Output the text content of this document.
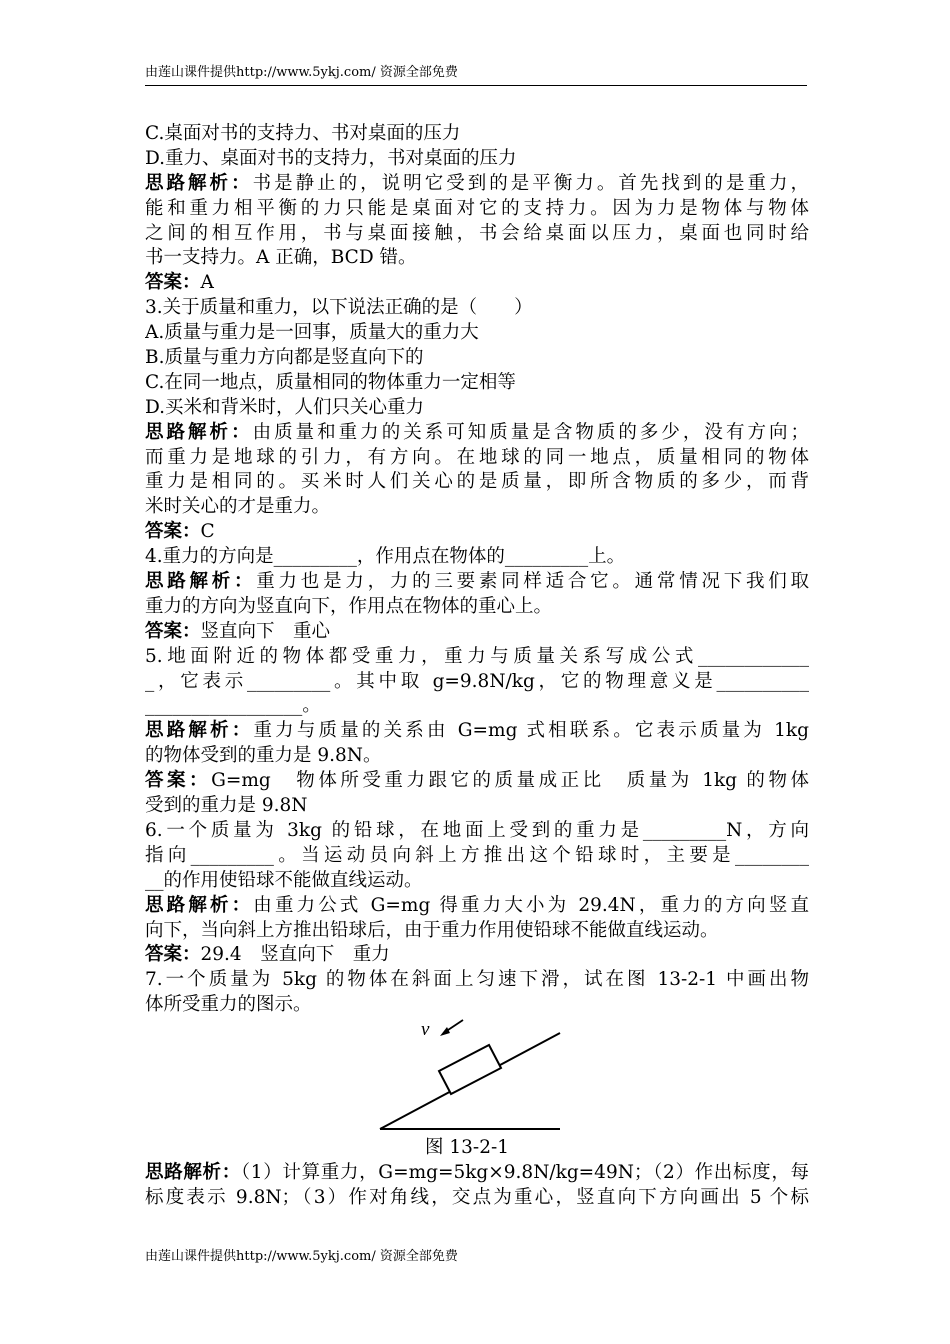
由莲山课件提供http://www.5ykj.com/ 资源全部免费
C.桌面对书的支持力、书对桌面的压力
D.重力、桌面对书的支持力，书对桌面的压力
思路解析：书是静止的，说明它受到的是平衡力。首先找到的是重力，
能和重力相平衡的力只能是桌面对它的支持力。因为力是物体与物体
之间的相互作用，书与桌面接触，书会给桌面以压力，桌面也同时给
书一支持力。A 正确，BCD 错。
答案：A
3.关于质量和重力，以下说法正确的是（　　）
A.质量与重力是一回事，质量大的重力大
B.质量与重力方向都是竖直向下的
C.在同一地点，质量相同的物体重力一定相等
D.买米和背米时，人们只关心重力
思路解析：由质量和重力的关系可知质量是含物质的多少，没有方向；
而重力是地球的引力，有方向。在地球的同一地点，质量相同的物体
重力是相同的。买米时人们关心的是质量，即所含物质的多少，而背
米时关心的才是重力。
答案：C
4.重力的方向是_________，作用点在物体的_________上。
思路解析：重力也是力，力的三要素同样适合它。通常情况下我们取
重力的方向为竖直向下，作用点在物体的重心上。
答案：竖直向下　重心
5.地面附近的物体都受重力，重力与质量关系写成公式____________
_，它表示_________。其中取 g=9.8N/kg，它的物理意义是__________
_________________。
思路解析：重力与质量的关系由 G=mg 式相联系。它表示质量为 1kg
的物体受到的重力是 9.8N。
答案：G=mg　物体所受重力跟它的质量成正比　质量为 1kg 的物体
受到的重力是 9.8N
6.一个质量为 3kg 的铅球，在地面上受到的重力是_________N，方向
指向_________。当运动员向斜上方推出这个铅球时，主要是________
__的作用使铅球不能做直线运动。
思路解析：由重力公式 G=mg 得重力大小为 29.4N，重力的方向竖直
向下，当向斜上方推出铅球后，由于重力作用使铅球不能做直线运动。
答案：29.4　竖直向下　重力
7.一个质量为 5kg 的物体在斜面上匀速下滑，试在图 13-2-1 中画出物
体所受重力的图示。
v
图 13-2-1
思路解析：（1）计算重力，G=mg=5kg×9.8N/kg=49N；（2）作出标度，每
标度表示 9.8N；（3）作对角线，交点为重心，竖直向下方向画出 5 个标
由莲山课件提供http://www.5ykj.com/ 资源全部免费
